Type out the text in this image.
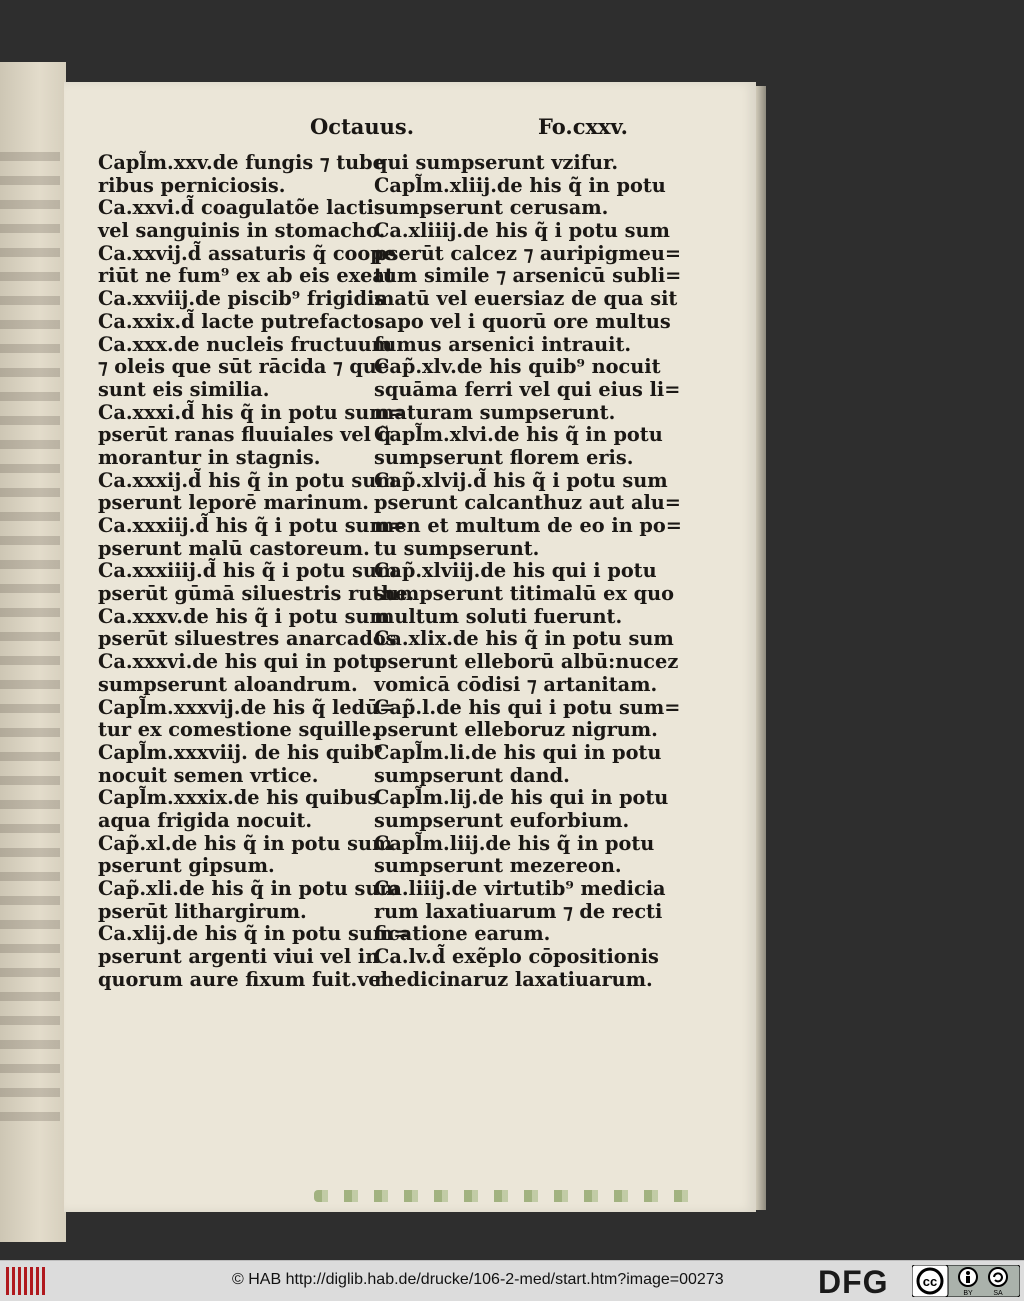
Octauus.	Fo.cxxv.
Capl̃m.xxv.de fungis ⁊ tube
ribus perniciosis.
Ca.xxvi.d̃ coagulatõe lactis
vel sanguinis in stomacho.
Ca.xxvij.d̃ assaturis q̃ coope
riūt ne fum⁹ ex ab eis exeat
Ca.xxviij.de piscib⁹ frigidis
Ca.xxix.d̃ lacte putrefacto.
Ca.xxx.de nucleis fructuum
⁊ oleis que sūt rācida ⁊ que
sunt eis similia.
Ca.xxxi.d̃ his q̃ in potu sum=
pserūt ranas fluuiales vel q̃
morantur in stagnis.
Ca.xxxij.d̃ his q̃ in potu sum
pserunt leporē marinum.
Ca.xxxiij.d̃ his q̃ i potu sum=
pserunt malū castoreum.
Ca.xxxiiij.d̃ his q̃ i potu sum
pserūt gūmā siluestris ruthe.
Ca.xxxv.de his q̃ i potu sum
pserūt siluestres anarcados
Ca.xxxvi.de his qui in potu
sumpserunt aloandrum.
Capl̃m.xxxvij.de his q̃ ledū=
tur ex comestione squille.
Capl̃m.xxxviij. de his quib⁹
nocuit semen vrtice.
Capl̃m.xxxix.de his quibus
aqua frigida nocuit.
Cap̃.xl.de his q̃ in potu sum
pserunt gipsum.
Cap̃.xli.de his q̃ in potu sum
pserūt lithargirum.
Ca.xlij.de his q̃ in potu sum=
pserunt argenti viui vel in
quorum aure fixum fuit.vel
qui sumpserunt vzifur.
Capl̃m.xliij.de his q̃ in potu
sumpserunt cerusam.
Ca.xliiij.de his q̃ i potu sum
pserūt calcez ⁊ auripigmeu=
tum simile ⁊ arsenicū subli=
matū vel euersiaz de qua sit
sapo vel i quorū ore multus
fumus arsenici intrauit.
Cap̃.xlv.de his quib⁹ nocuit
squāma ferri vel qui eius li=
maturam sumpserunt.
Capl̃m.xlvi.de his q̃ in potu
sumpserunt florem eris.
Cap̃.xlvij.d̃ his q̃ i potu sum
pserunt calcanthuz aut alu=
men et multum de eo in po=
tu sumpserunt.
Cap̃.xlviij.de his qui i potu
sumpserunt titimalū ex quo
multum soluti fuerunt.
Ca.xlix.de his q̃ in potu sum
pserunt elleborū albū:nucez
vomicā cōdisi ⁊ artanitam.
Cap̃.l.de his qui i potu sum=
pserunt elleboruz nigrum.
Capl̃m.li.de his qui in potu
sumpserunt dand.
Capl̃m.lij.de his qui in potu
sumpserunt euforbium.
Capl̃m.liij.de his q̃ in potu
sumpserunt mezereon.
Ca.liiij.de virtutib⁹ medicia
rum laxatiuarum ⁊ de recti
ficatione earum.
Ca.lv.d̃ exẽplo cōpositionis
medicinaruz laxatiuarum.
© HAB http://diglib.hab.de/drucke/106-2-med/start.htm?image=00273	DFG	cc
BY	SA
